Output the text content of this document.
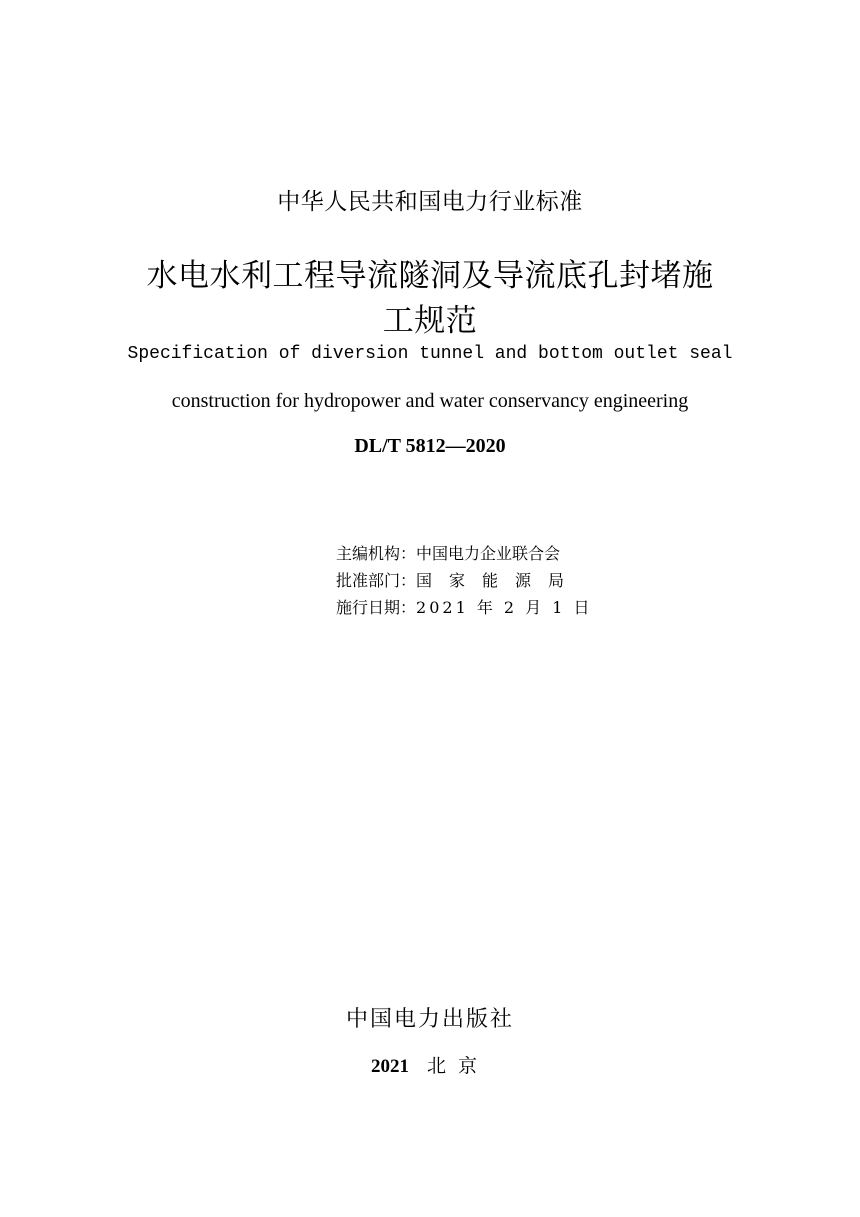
中华人民共和国电力行业标准
水电水利工程导流隧洞及导流底孔封堵施
工规范
Specification of diversion tunnel and bottom outlet seal
construction for hydropower and water conservancy engineering
DL/T 5812—2020
主编机构 ： 中国电力企业联合会
批准部门 ： 国家能源局
施行日期 ： 2021 年 2 月 1 日
中国电力出版社
2021 北京
